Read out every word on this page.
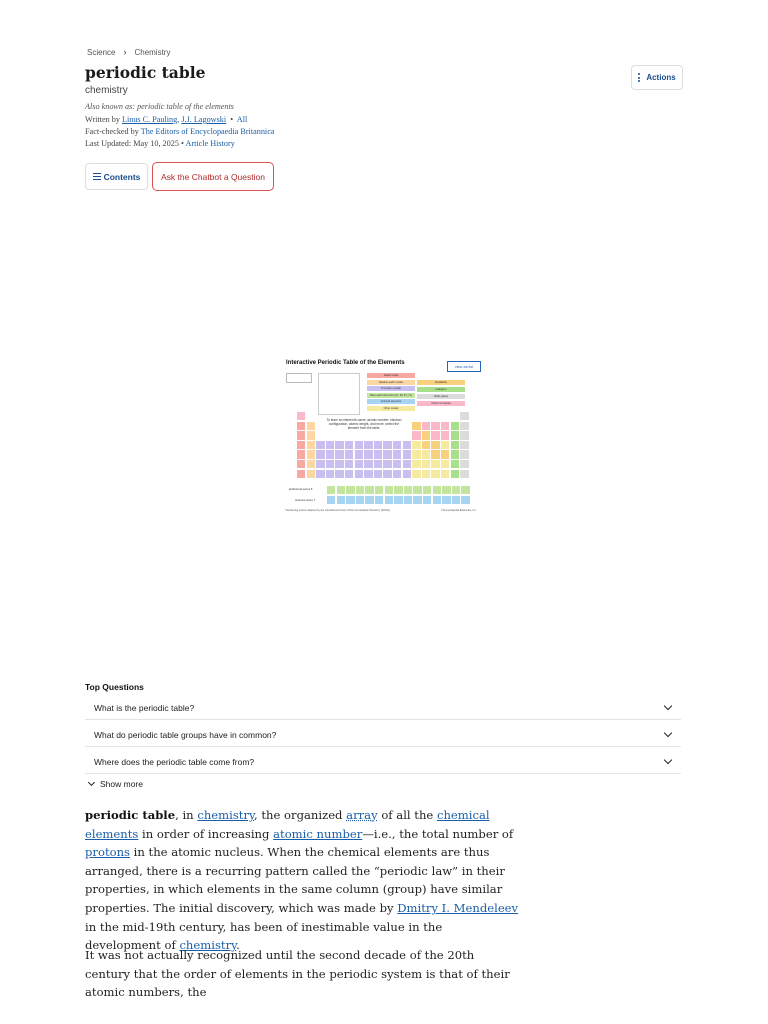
Science › Chemistry
periodic table
chemistry
Also known as: periodic table of the elements
Written by Linus C. Pauling, J.J. Lagowski  •  All
Fact-checked by The Editors of Encyclopaedia Britannica
Last Updated: May 10, 2025 • Article History
Actions
Contents	Ask the Chatbot a Question
Interactive Periodic Table of the Elements
view as list
Alkali metals
Alkaline-earth metals
Transition metals
Rare-earth elements (21, 39, 57–71)
Actinoid elements
Other metals
Metalloids
Halogens
Noble gases
Other nonmetals
To learn an element's name, atomic number, electron configuration, atomic weight, and more, select the element from the table.
lanthanoid series 6
actinoid series 7
*Numbering system adopted by the International Union of Pure and Applied Chemistry (IUPAC).	© Encyclopædia Britannica, Inc.
Top Questions
What is the periodic table?
What do periodic table groups have in common?
Where does the periodic table come from?
Show more

periodic table, in chemistry, the organized array of all the chemical elements in order of increasing atomic number—i.e., the total number of protons in the atomic nucleus. When the chemical elements are thus arranged, there is a recurring pattern called the “periodic law” in their properties, in which elements in the same column (group) have similar properties. The initial discovery, which was made by Dmitry I. Mendeleev in the mid-19th century, has been of inestimable value in the development of chemistry.

It was not actually recognized until the second decade of the 20th century that the order of elements in the periodic system is that of their atomic numbers, the
